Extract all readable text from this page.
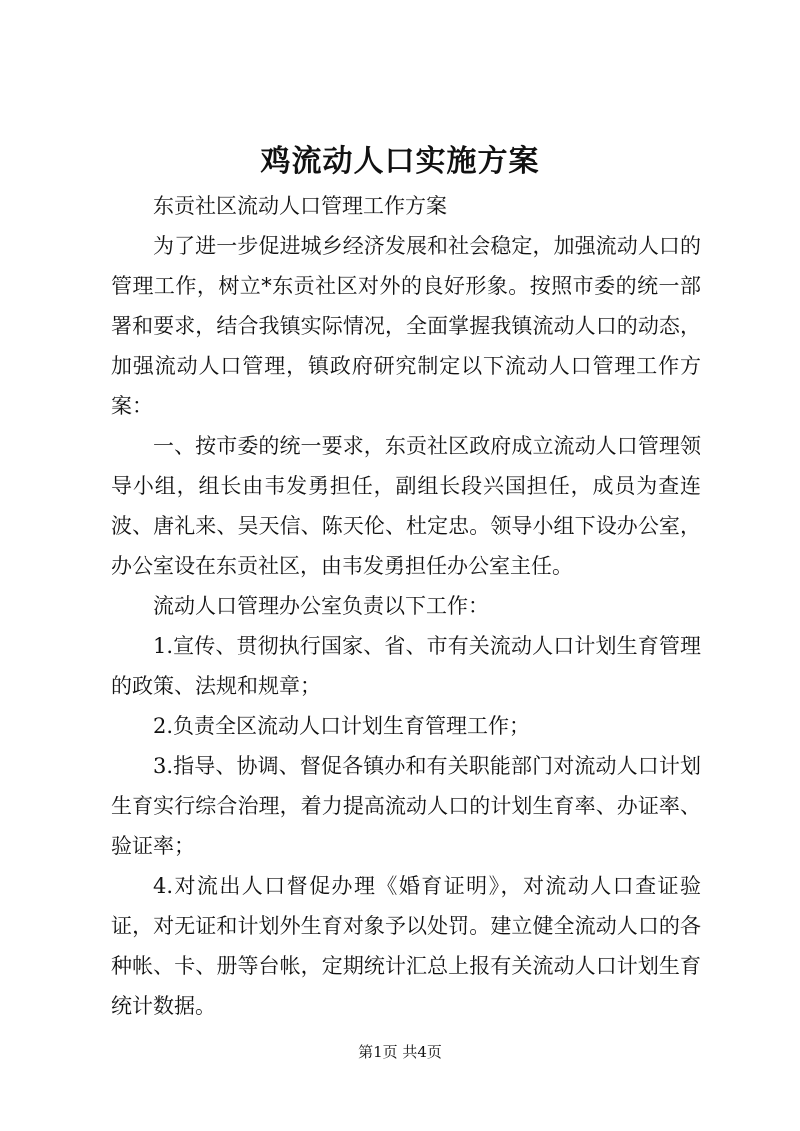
鸡流动人口实施方案

东贡社区流动人口管理工作方案

为了进一步促进城乡经济发展和社会稳定，加强流动人口的管理工作，树立*东贡社区对外的良好形象。按照市委的统一部署和要求，结合我镇实际情况，全面掌握我镇流动人口的动态，加强流动人口管理，镇政府研究制定以下流动人口管理工作方案：

一、按市委的统一要求，东贡社区政府成立流动人口管理领导小组，组长由韦发勇担任，副组长段兴国担任，成员为查连波、唐礼来、吴天信、陈天伦、杜定忠。领导小组下设办公室，办公室设在东贡社区，由韦发勇担任办公室主任。

流动人口管理办公室负责以下工作：

1.宣传、贯彻执行国家、省、市有关流动人口计划生育管理的政策、法规和规章；

2.负责全区流动人口计划生育管理工作；

3.指导、协调、督促各镇办和有关职能部门对流动人口计划生育实行综合治理，着力提高流动人口的计划生育率、办证率、验证率；

4.对流出人口督促办理《婚育证明》，对流动人口查证验证，对无证和计划外生育对象予以处罚。建立健全流动人口的各种帐、卡、册等台帐，定期统计汇总上报有关流动人口计划生育统计数据。

第1页 共4页
